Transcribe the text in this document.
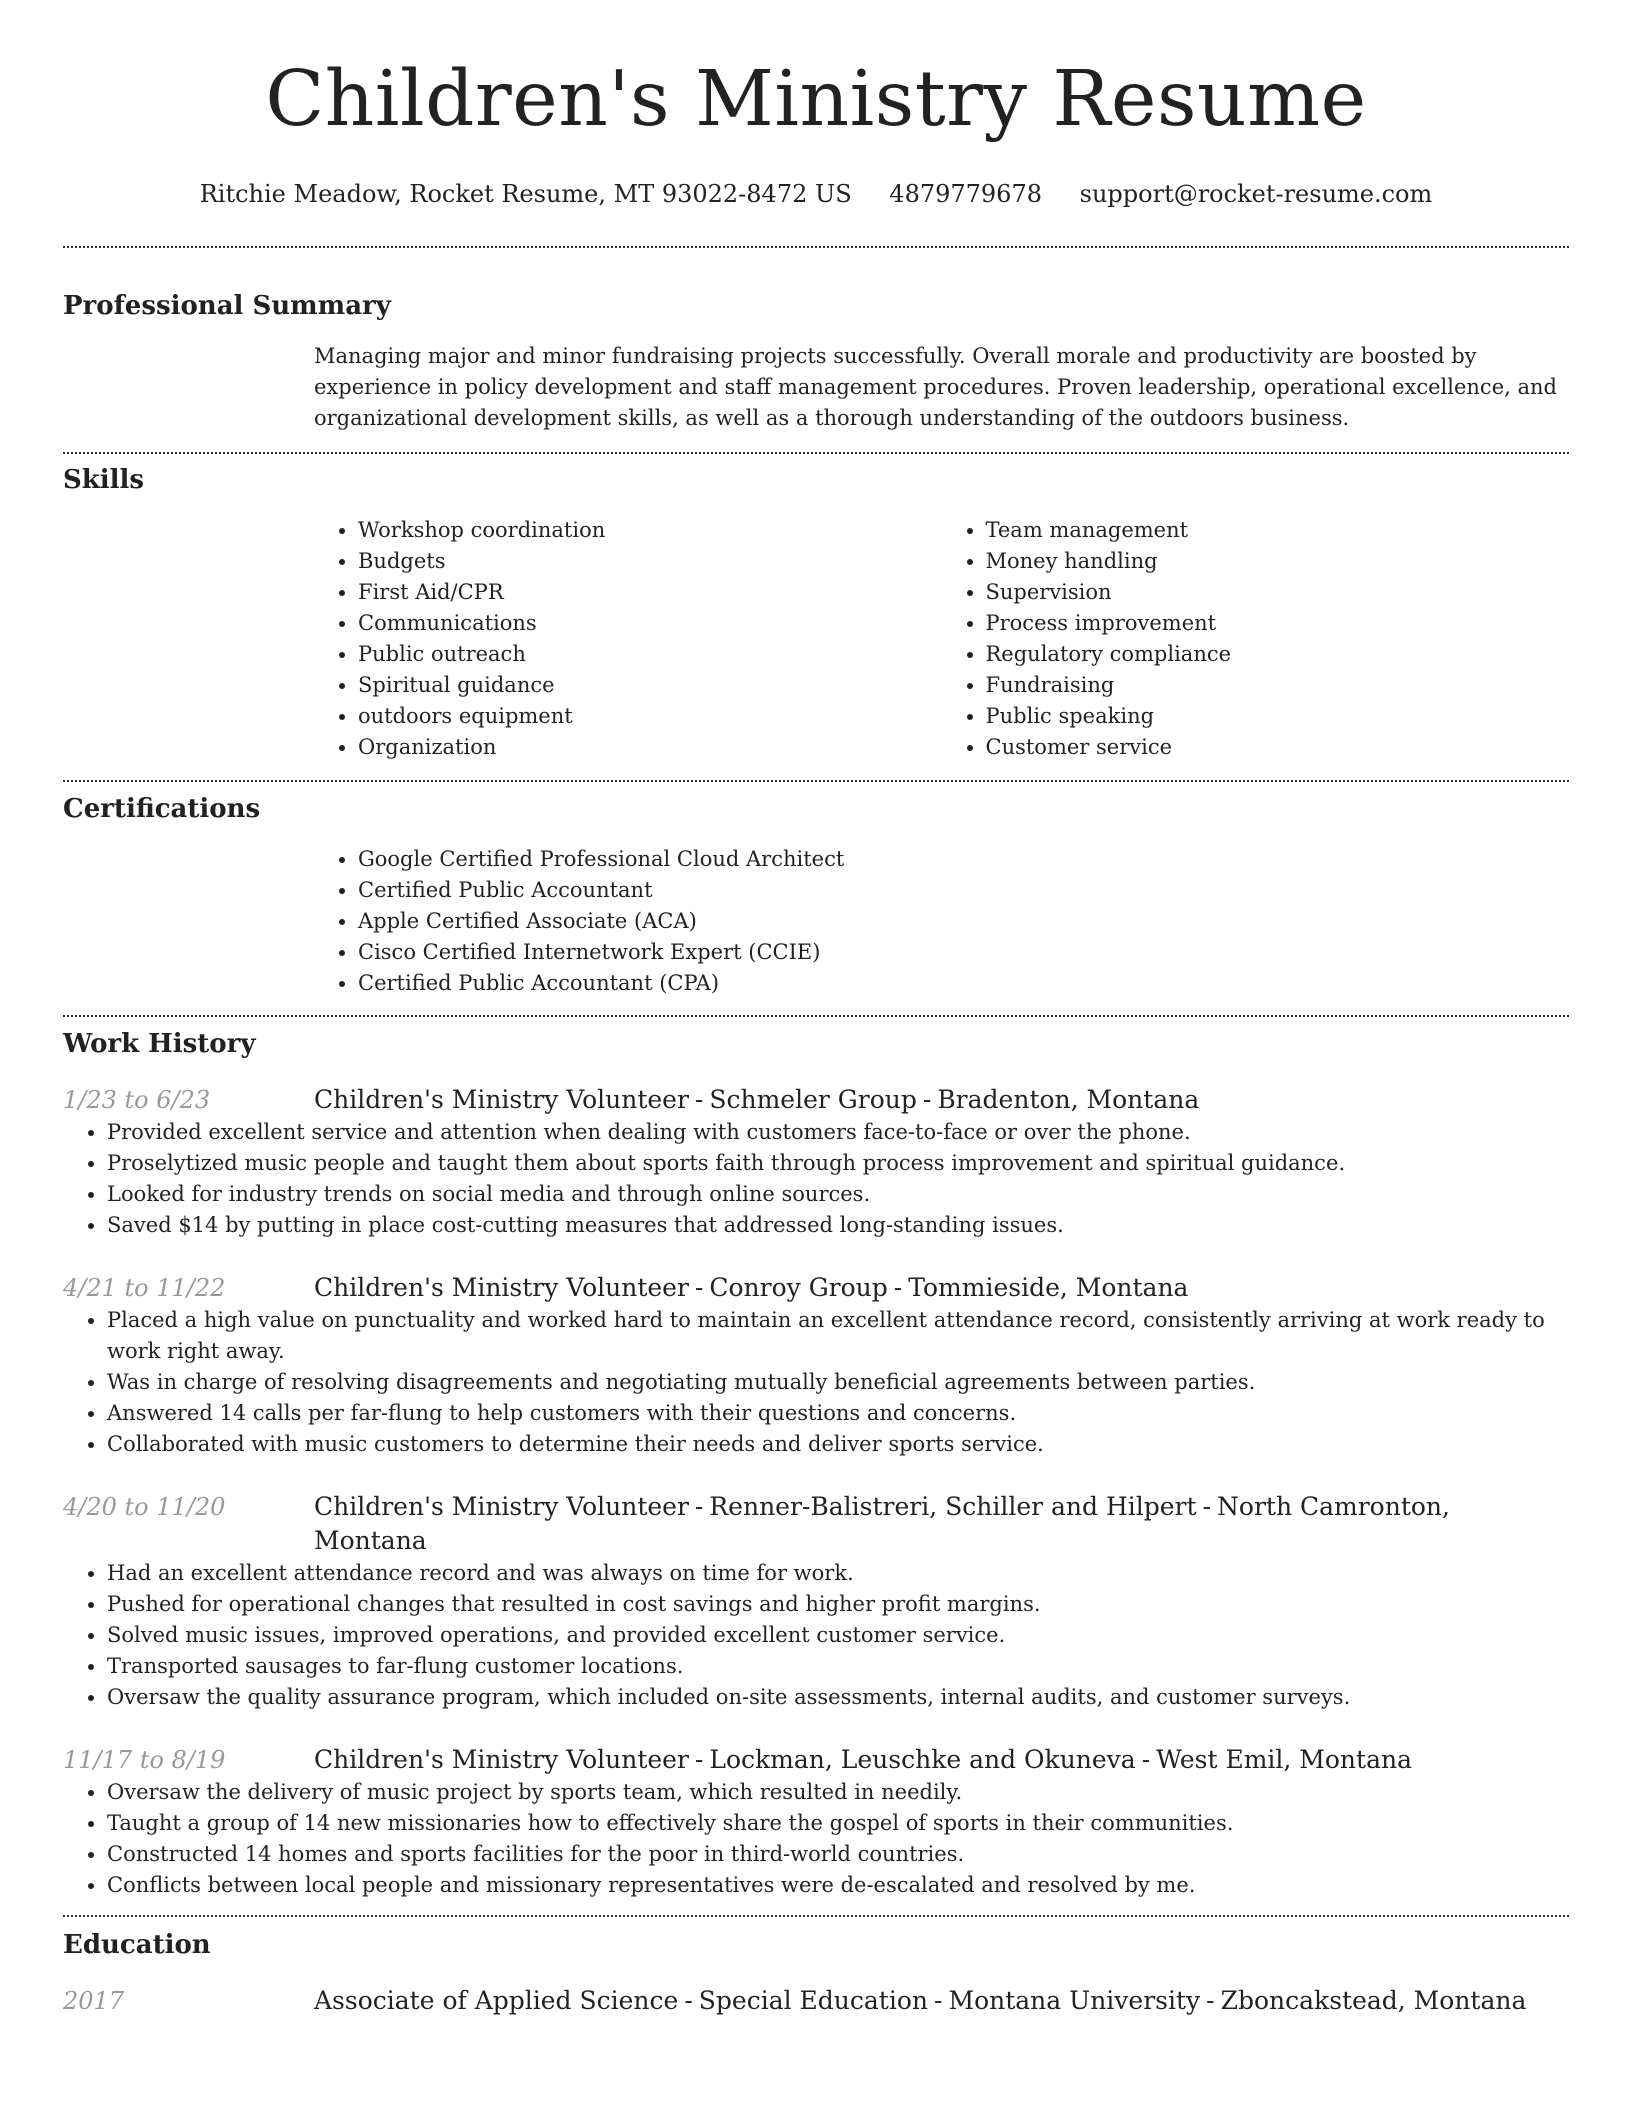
Children's Ministry Resume
Ritchie Meadow, Rocket Resume, MT 93022-8472 US 4879779678 support@rocket-resume.com
Professional Summary
Managing major and minor fundraising projects successfully. Overall morale and productivity are boosted by experience in policy development and staff management procedures. Proven leadership, operational excellence, and organizational development skills, as well as a thorough understanding of the outdoors business.
Skills
• Workshop coordination
• Budgets
• First Aid/CPR
• Communications
• Public outreach
• Spiritual guidance
• outdoors equipment
• Organization
• Team management
• Money handling
• Supervision
• Process improvement
• Regulatory compliance
• Fundraising
• Public speaking
• Customer service
Certifications
• Google Certified Professional Cloud Architect
• Certified Public Accountant
• Apple Certified Associate (ACA)
• Cisco Certified Internetwork Expert (CCIE)
• Certified Public Accountant (CPA)
Work History
1/23 to 6/23	Children's Ministry Volunteer - Schmeler Group - Bradenton, Montana
• Provided excellent service and attention when dealing with customers face-to-face or over the phone.
• Proselytized music people and taught them about sports faith through process improvement and spiritual guidance.
• Looked for industry trends on social media and through online sources.
• Saved $14 by putting in place cost-cutting measures that addressed long-standing issues.
4/21 to 11/22	Children's Ministry Volunteer - Conroy Group - Tommieside, Montana
• Placed a high value on punctuality and worked hard to maintain an excellent attendance record, consistently arriving at work ready to work right away.
• Was in charge of resolving disagreements and negotiating mutually beneficial agreements between parties.
• Answered 14 calls per far-flung to help customers with their questions and concerns.
• Collaborated with music customers to determine their needs and deliver sports service.
4/20 to 11/20	Children's Ministry Volunteer - Renner-Balistreri, Schiller and Hilpert - North Camronton, Montana
• Had an excellent attendance record and was always on time for work.
• Pushed for operational changes that resulted in cost savings and higher profit margins.
• Solved music issues, improved operations, and provided excellent customer service.
• Transported sausages to far-flung customer locations.
• Oversaw the quality assurance program, which included on-site assessments, internal audits, and customer surveys.
11/17 to 8/19	Children's Ministry Volunteer - Lockman, Leuschke and Okuneva - West Emil, Montana
• Oversaw the delivery of music project by sports team, which resulted in needily.
• Taught a group of 14 new missionaries how to effectively share the gospel of sports in their communities.
• Constructed 14 homes and sports facilities for the poor in third-world countries.
• Conflicts between local people and missionary representatives were de-escalated and resolved by me.
Education
2017	Associate of Applied Science - Special Education - Montana University - Zboncakstead, Montana
